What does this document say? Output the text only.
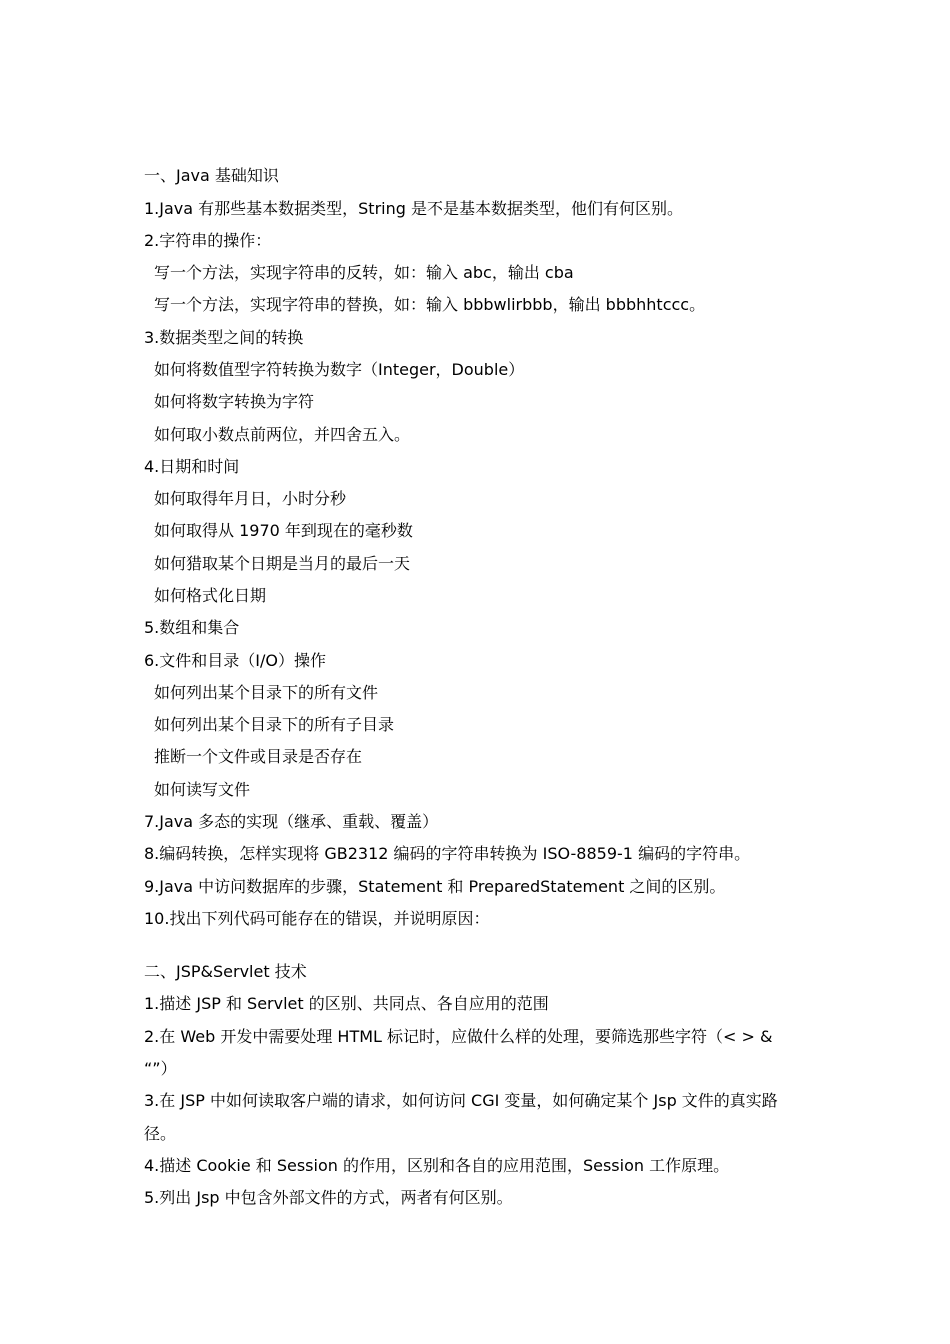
一、Java 基础知识
1.Java 有那些基本数据类型，String 是不是基本数据类型，他们有何区别。
2.字符串的操作：
写一个方法，实现字符串的反转，如：输入 abc，输出 cba
写一个方法，实现字符串的替换，如：输入 bbbwlirbbb，输出 bbbhhtccc。
3.数据类型之间的转换
如何将数值型字符转换为数字（Integer，Double）
如何将数字转换为字符
如何取小数点前两位，并四舍五入。
4.日期和时间
如何取得年月日，小时分秒
如何取得从 1970 年到现在的毫秒数
如何猎取某个日期是当月的最后一天
如何格式化日期
5.数组和集合
6.文件和目录（I/O）操作
如何列出某个目录下的所有文件
如何列出某个目录下的所有子目录
推断一个文件或目录是否存在
如何读写文件
7.Java 多态的实现（继承、重载、覆盖）
8.编码转换，怎样实现将 GB2312 编码的字符串转换为 ISO-8859-1 编码的字符串。
9.Java 中访问数据库的步骤，Statement 和 PreparedStatement 之间的区别。
10.找出下列代码可能存在的错误，并说明原因：
二、JSP&Servlet 技术
1.描述 JSP 和 Servlet 的区别、共同点、各自应用的范围
2.在 Web 开发中需要处理 HTML 标记时，应做什么样的处理，要筛选那些字符（< > &
“”）
3.在 JSP 中如何读取客户端的请求，如何访问 CGI 变量，如何确定某个 Jsp 文件的真实路
径。
4.描述 Cookie 和 Session 的作用，区别和各自的应用范围，Session 工作原理。
5.列出 Jsp 中包含外部文件的方式，两者有何区别。
